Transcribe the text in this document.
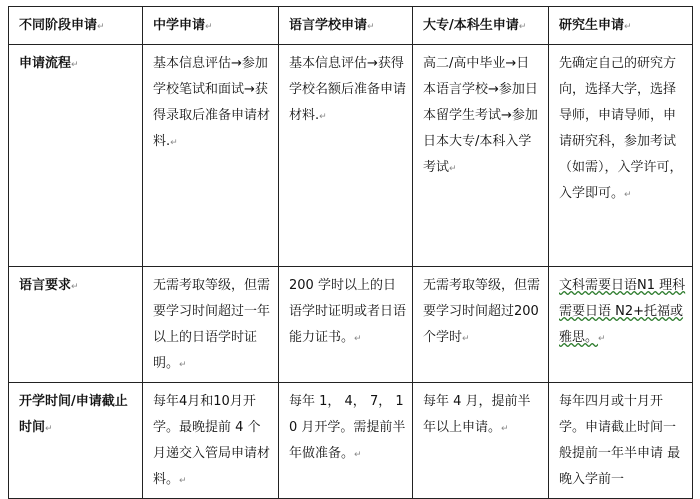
不同阶段申请↵	中学申请↵	语言学校申请↵	大专/本科生申请↵	研究生申请↵
申请流程↵	基本信息评估→参加学校笔试和面试→获得录取后准备申请材料.↵	基本信息评估→获得学校名额后准备申请材料.↵	高二/高中毕业→日本语言学校→参加日本留学生考试→参加日本大专/本科入学考试↵	先确定自己的研究方向，选择大学，选择导师，申请导师，申请研究科，参加考试（如需），入学许可，入学即可。↵
语言要求↵	无需考取等级，但需要学习时间超过一年以上的日语学时证明。↵	200 学时以上的日语学时证明或者日语能力证书。↵	无需考取等级，但需要学习时间超过200个学时↵	文科需要日语N1 理科需要日语 N2+托福或雅思。↵
开学时间/申请截止时间↵	每年4月和10月开学。最晚提前 4 个月递交入管局申请材料。↵	每年 1， 4， 7， 10 月开学。需提前半年做准备。↵	每年 4 月，提前半年以上申请。↵	每年四月或十月开学。申请截止时间一般提前一年半申请 最晚入学前一
